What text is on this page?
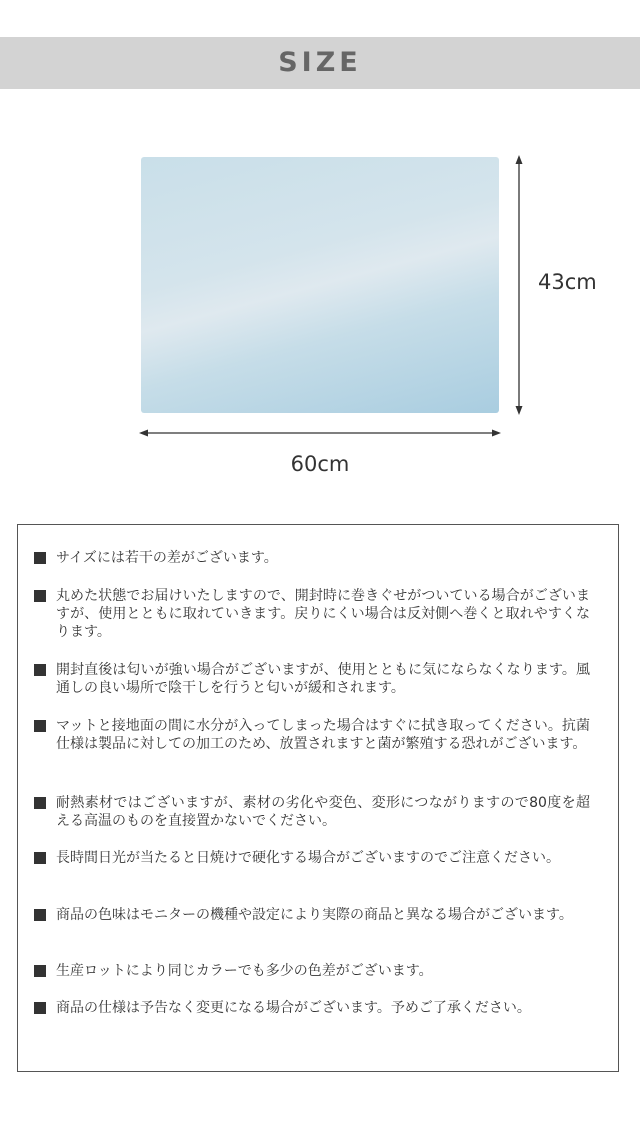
SIZE
43cm
60cm
サイズには若干の差がございます。
丸めた状態でお届けいたしますので、開封時に巻きぐせがついている場合がございますが、使用とともに取れていきます。戻りにくい場合は反対側へ巻くと取れやすくなります。
開封直後は匂いが強い場合がございますが、使用とともに気にならなくなります。風通しの良い場所で陰干しを行うと匂いが緩和されます。
マットと接地面の間に水分が入ってしまった場合はすぐに拭き取ってください。抗菌仕様は製品に対しての加工のため、放置されますと菌が繁殖する恐れがございます。
耐熱素材ではございますが、素材の劣化や変色、変形につながりますので80度を超える高温のものを直接置かないでください。
長時間日光が当たると日焼けで硬化する場合がございますのでご注意ください。
商品の色味はモニターの機種や設定により実際の商品と異なる場合がございます。
生産ロットにより同じカラーでも多少の色差がございます。
商品の仕様は予告なく変更になる場合がございます。予めご了承ください。
